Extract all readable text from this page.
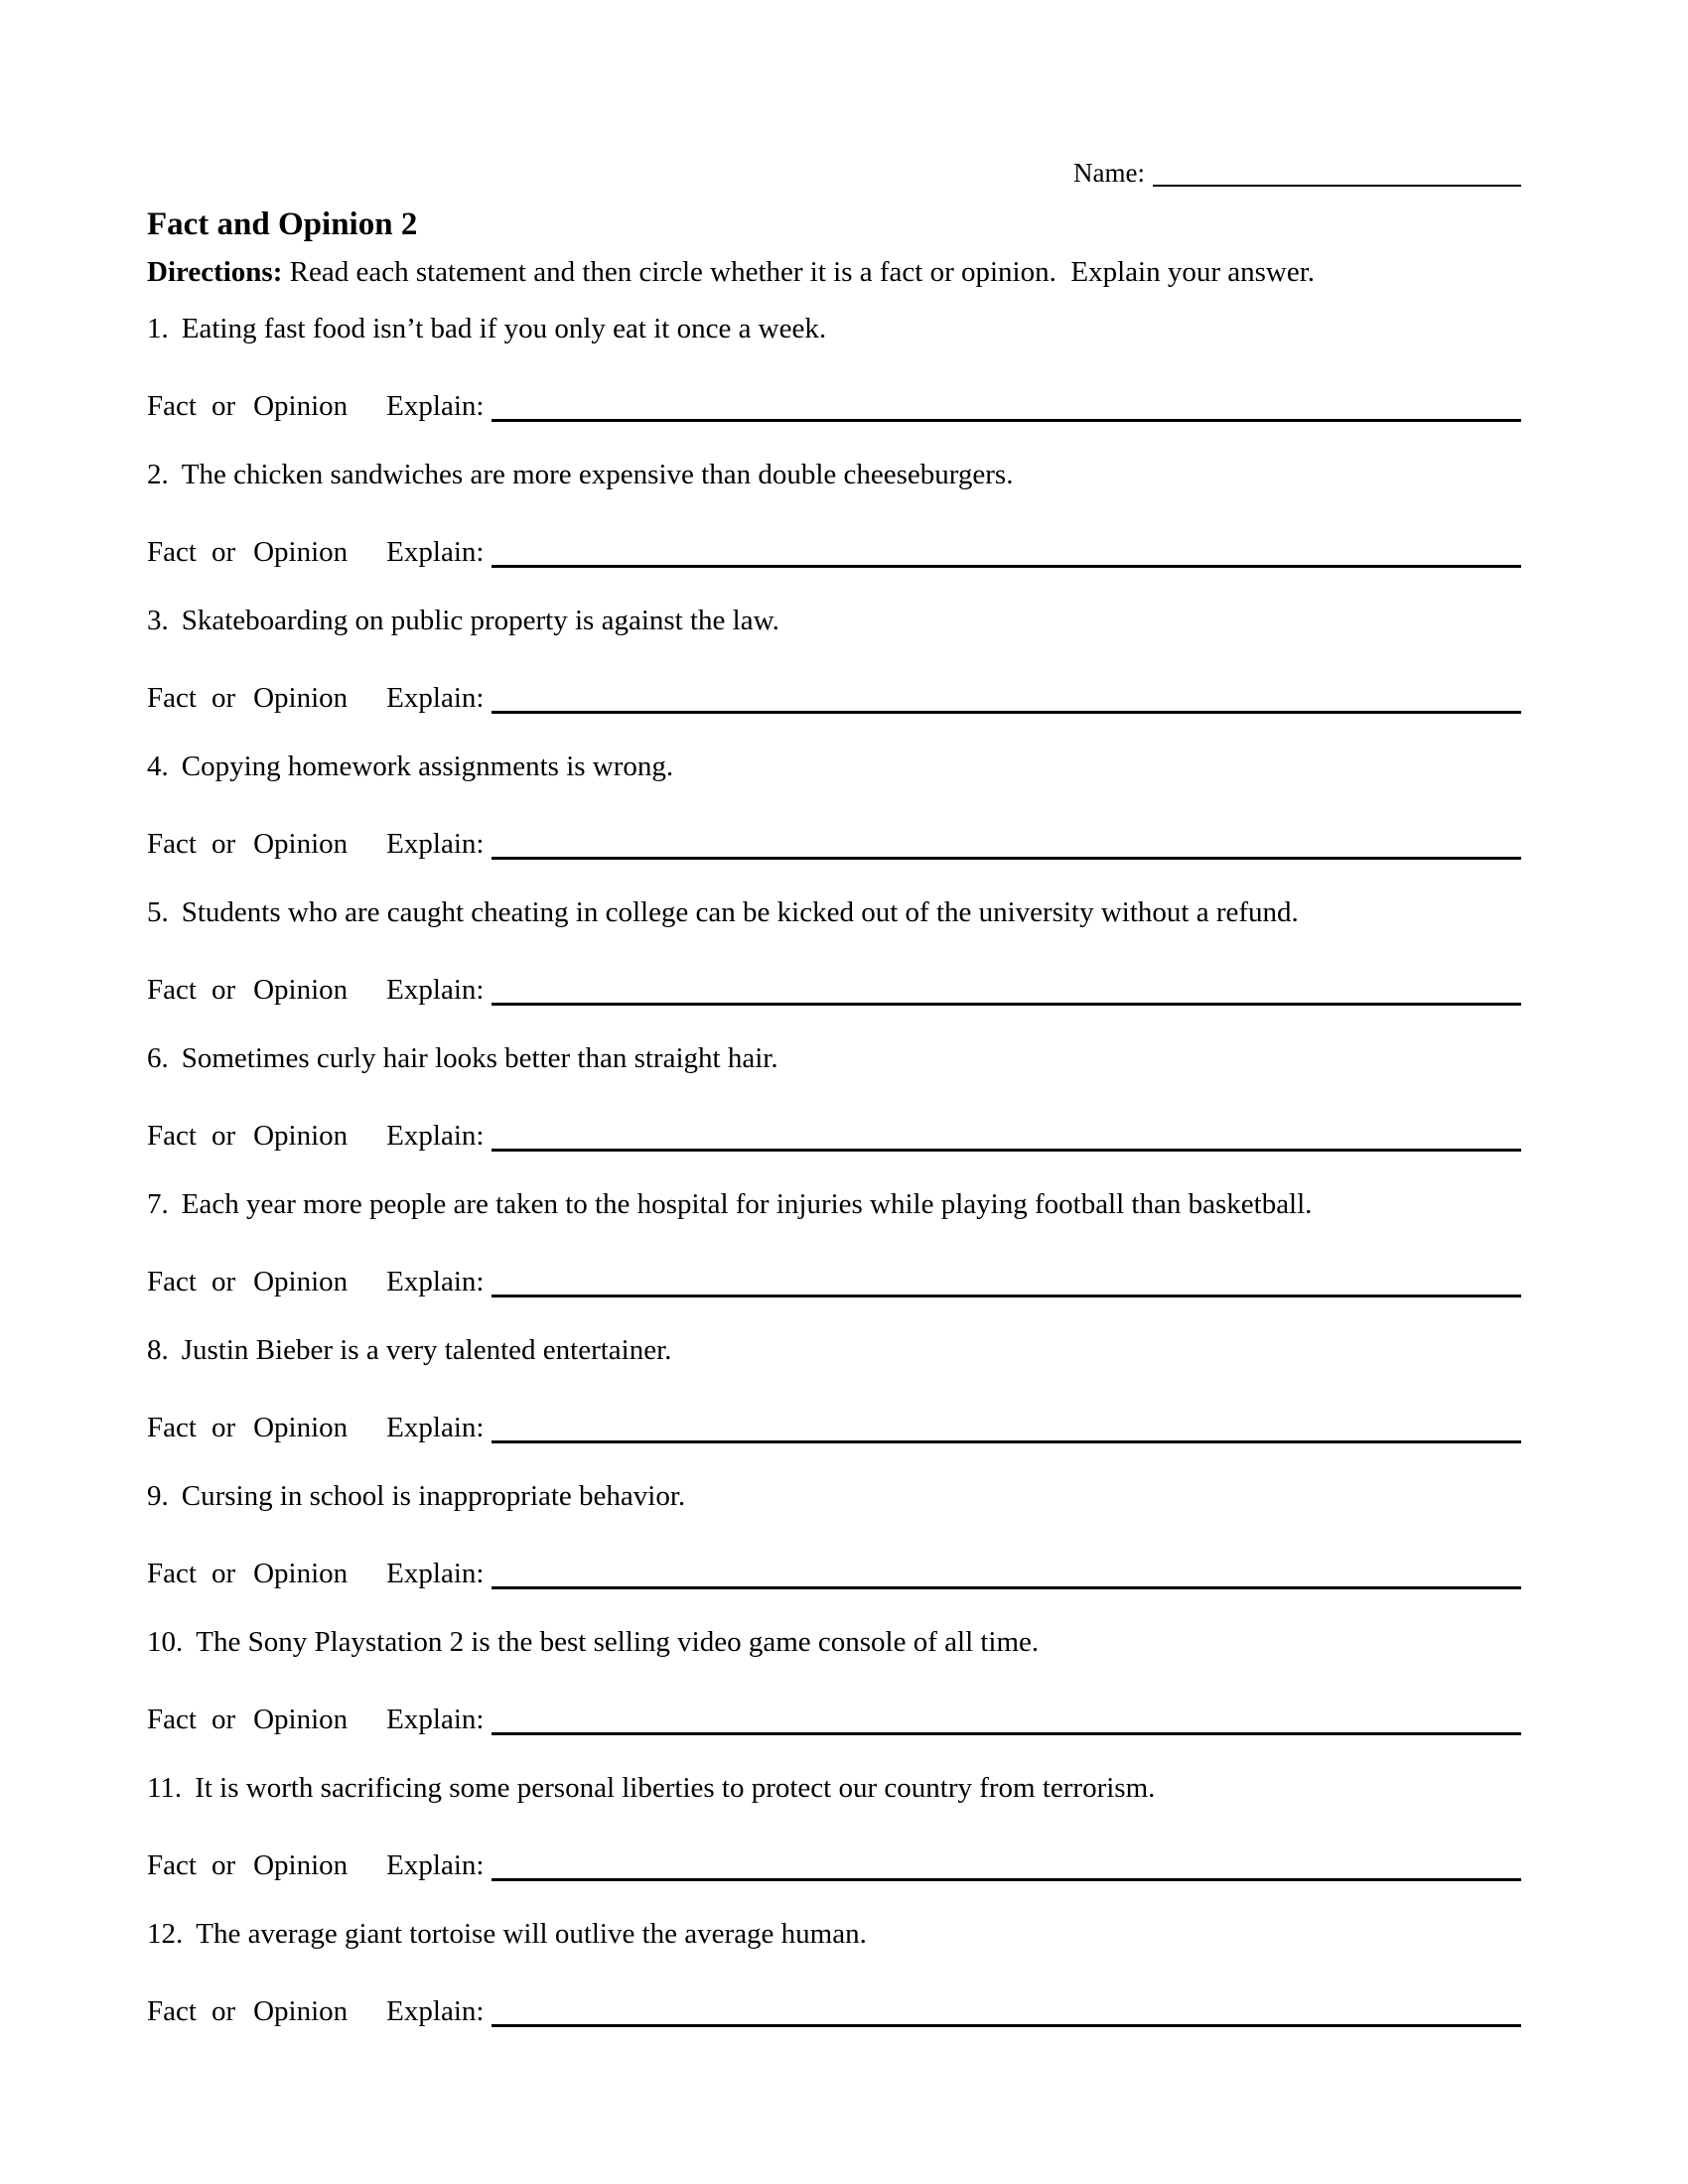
Name:
Fact and Opinion 2

Directions: Read each statement and then circle whether it is a fact or opinion.  Explain your answer.

1. Eating fast food isn’t bad if you only eat it once a week.

Fact or Opinion Explain:

2. The chicken sandwiches are more expensive than double cheeseburgers.

Fact or Opinion Explain:

3. Skateboarding on public property is against the law.

Fact or Opinion Explain:

4. Copying homework assignments is wrong.

Fact or Opinion Explain:

5. Students who are caught cheating in college can be kicked out of the university without a refund.

Fact or Opinion Explain:

6. Sometimes curly hair looks better than straight hair.

Fact or Opinion Explain:

7. Each year more people are taken to the hospital for injuries while playing football than basketball.

Fact or Opinion Explain:

8. Justin Bieber is a very talented entertainer.

Fact or Opinion Explain:

9. Cursing in school is inappropriate behavior.

Fact or Opinion Explain:

10. The Sony Playstation 2 is the best selling video game console of all time.

Fact or Opinion Explain:

11. It is worth sacrificing some personal liberties to protect our country from terrorism.

Fact or Opinion Explain:

12. The average giant tortoise will outlive the average human.

Fact or Opinion Explain:
